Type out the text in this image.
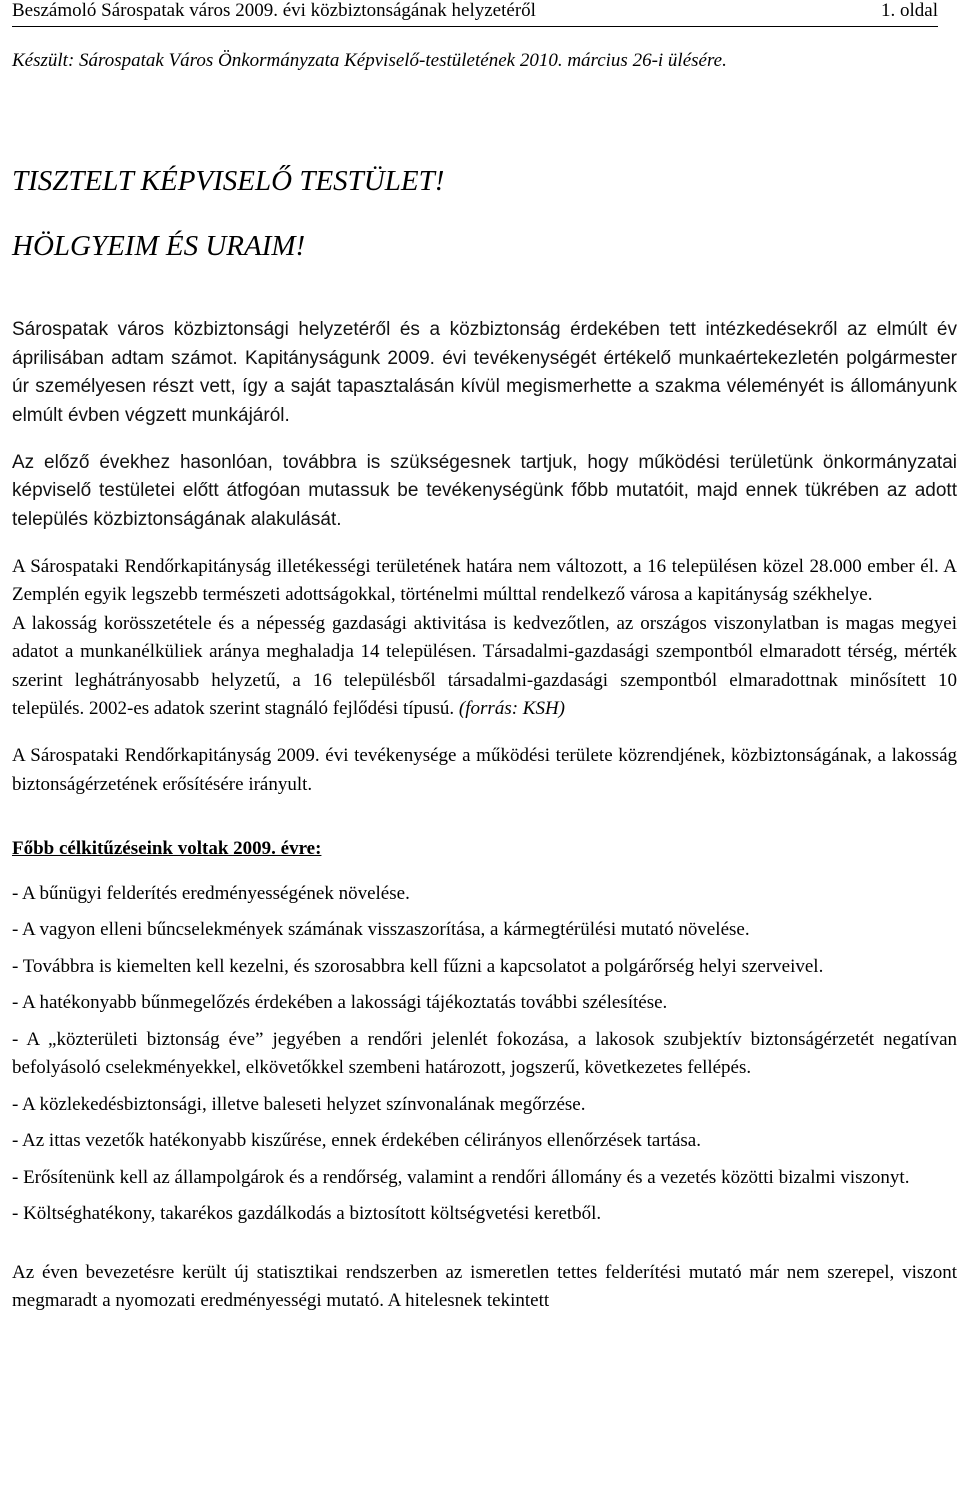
Beszámoló Sárospatak város 2009. évi közbiztonságának helyzetéről	1. oldal

Készült: Sárospatak Város Önkormányzata Képviselő-testületének 2010. március 26-i ülésére.

TISZTELT KÉPVISELŐ TESTÜLET!

HÖLGYEIM ÉS URAIM!

Sárospatak város közbiztonsági helyzetéről és a közbiztonság érdekében tett intézkedésekről az elmúlt év áprilisában adtam számot. Kapitányságunk 2009. évi tevékenységét értékelő munkaértekezletén polgármester úr személyesen részt vett, így a saját tapasztalásán kívül megismerhette a szakma véleményét is állományunk elmúlt évben végzett munkájáról.

Az előző évekhez hasonlóan, továbbra is szükségesnek tartjuk, hogy működési területünk önkormányzatai képviselő testületei előtt átfogóan mutassuk be tevékenységünk főbb mutatóit, majd ennek tükrében az adott település közbiztonságának alakulását.

A Sárospataki Rendőrkapitányság illetékességi területének határa nem változott, a 16 településen közel 28.000 ember él. A Zemplén egyik legszebb természeti adottságokkal, történelmi múlttal rendelkező városa a kapitányság székhelye.

A lakosság korösszetétele és a népesség gazdasági aktivitása is kedvezőtlen, az országos viszonylatban is magas megyei adatot a munkanélküliek aránya meghaladja 14 településen. Társadalmi-gazdasági szempontból elmaradott térség, mérték szerint leghátrányosabb helyzetű, a 16 településből társadalmi-gazdasági szempontból elmaradottnak minősített 10 település. 2002-es adatok szerint stagnáló fejlődési típusú. (forrás: KSH)

A Sárospataki Rendőrkapitányság 2009. évi tevékenysége a működési területe közrendjének, közbiztonságának, a lakosság biztonságérzetének erősítésére irányult.

Főbb célkitűzéseink voltak 2009. évre:

- A bűnügyi felderítés eredményességének növelése.

- A vagyon elleni bűncselekmények számának visszaszorítása, a kármegtérülési mutató növelése.

- Továbbra is kiemelten kell kezelni, és szorosabbra kell fűzni a kapcsolatot a polgárőrség helyi szerveivel.

- A hatékonyabb bűnmegelőzés érdekében a lakossági tájékoztatás további szélesítése.

- A „közterületi biztonság éve” jegyében a rendőri jelenlét fokozása, a lakosok szubjektív biztonságérzetét negatívan befolyásoló cselekményekkel, elkövetőkkel szembeni határozott, jogszerű, következetes fellépés.

- A közlekedésbiztonsági, illetve baleseti helyzet színvonalának megőrzése.

- Az ittas vezetők hatékonyabb kiszűrése, ennek érdekében célirányos ellenőrzések tartása.

- Erősítenünk kell az állampolgárok és a rendőrség, valamint a rendőri állomány és a vezetés közötti bizalmi viszonyt.

- Költséghatékony, takarékos gazdálkodás a biztosított költségvetési keretből.

Az éven bevezetésre került új statisztikai rendszerben az ismeretlen tettes felderítési mutató már nem szerepel, viszont megmaradt a nyomozati eredményességi mutató. A hitelesnek tekintett
